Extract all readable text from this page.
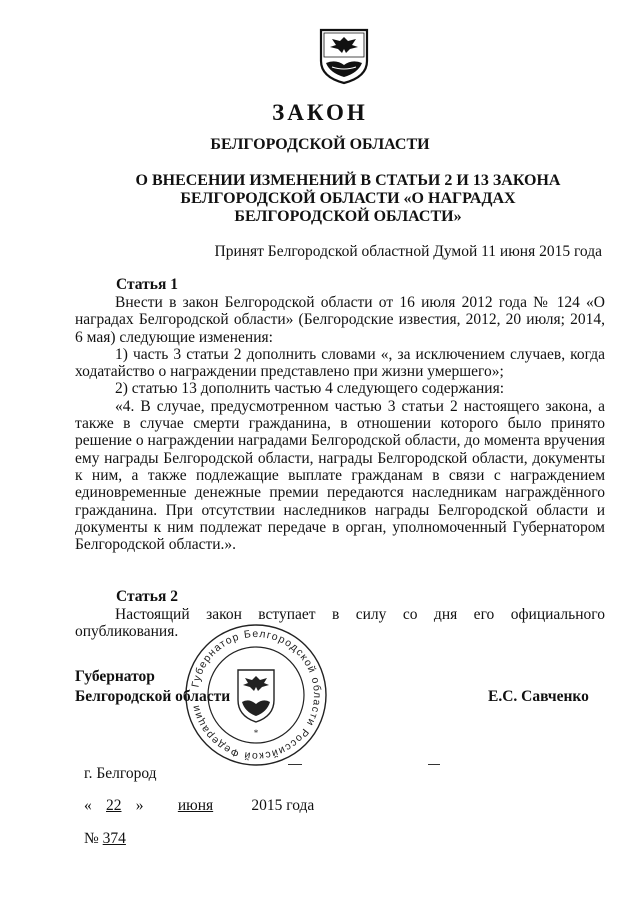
ЗАКОН
БЕЛГОРОДСКОЙ ОБЛАСТИ
О ВНЕСЕНИИ ИЗМЕНЕНИЙ В СТАТЬИ 2 И 13 ЗАКОНА
БЕЛГОРОДСКОЙ ОБЛАСТИ «О НАГРАДАХ
БЕЛГОРОДСКОЙ ОБЛАСТИ»
Принят Белгородской областной Думой 11 июня 2015 года
Статья 1

Внести в закон Белгородской области от 16 июля 2012 года № 124 «О наградах Белгородской области» (Белгородские известия, 2012, 20 июля; 2014, 6 мая) следующие изменения:

1) часть 3 статьи 2 дополнить словами «, за исключением случаев, когда ходатайство о награждении представлено при жизни умершего»;

2) статью 13 дополнить частью 4 следующего содержания:

«4. В случае, предусмотренном частью 3 статьи 2 настоящего закона, а также в случае смерти гражданина, в отношении которого было принято решение о награждении наградами Белгородской области, до момента вручения ему награды Белгородской области, награды Белгородской области, документы к ним, а также подлежащие выплате гражданам в связи с награждением единовременные денежные премии передаются наследникам награждённого гражданина. При отсутствии наследников награды Белгородской области и документы к ним подлежат передаче в орган, уполномоченный Губернатором Белгородской области.».

Статья 2

Настоящий закон вступает в силу со дня его официального опубликования.

Губернатор Белгородской области Российской Федерации
*
Губернатор
Белгородской области	Е.С. Савченко
г. Белгород
« 22 » июня 2015 года
№ 374
